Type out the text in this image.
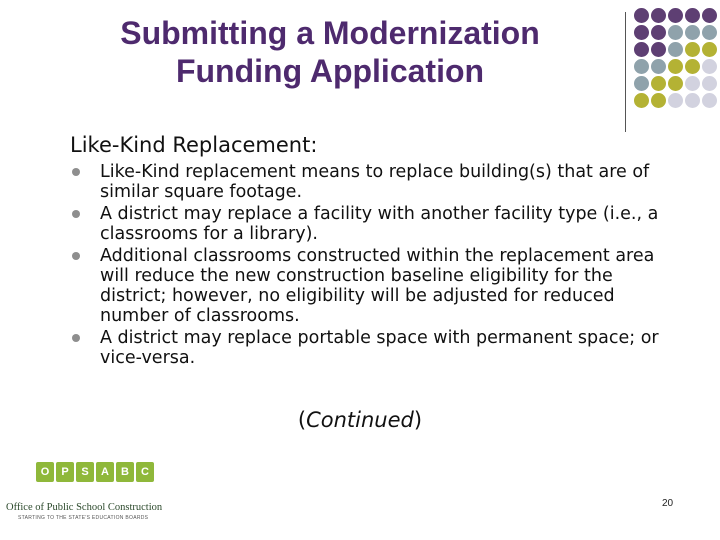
Submitting a Modernization
Funding Application
Like-Kind Replacement:
Like-Kind replacement means to replace building(s) that are of similar square footage.
A district may replace a facility with another facility type (i.e., a classrooms for a library).
Additional classrooms constructed within the replacement area will reduce the new construction baseline eligibility for the district; however, no eligibility will be adjusted for reduced number of classrooms.
A district may replace portable space with permanent space; or vice-versa.
(Continued)
O	P	S	A	B	C
Office of Public School Construction
STARTING TO THE STATE'S EDUCATION BOARDS
20
